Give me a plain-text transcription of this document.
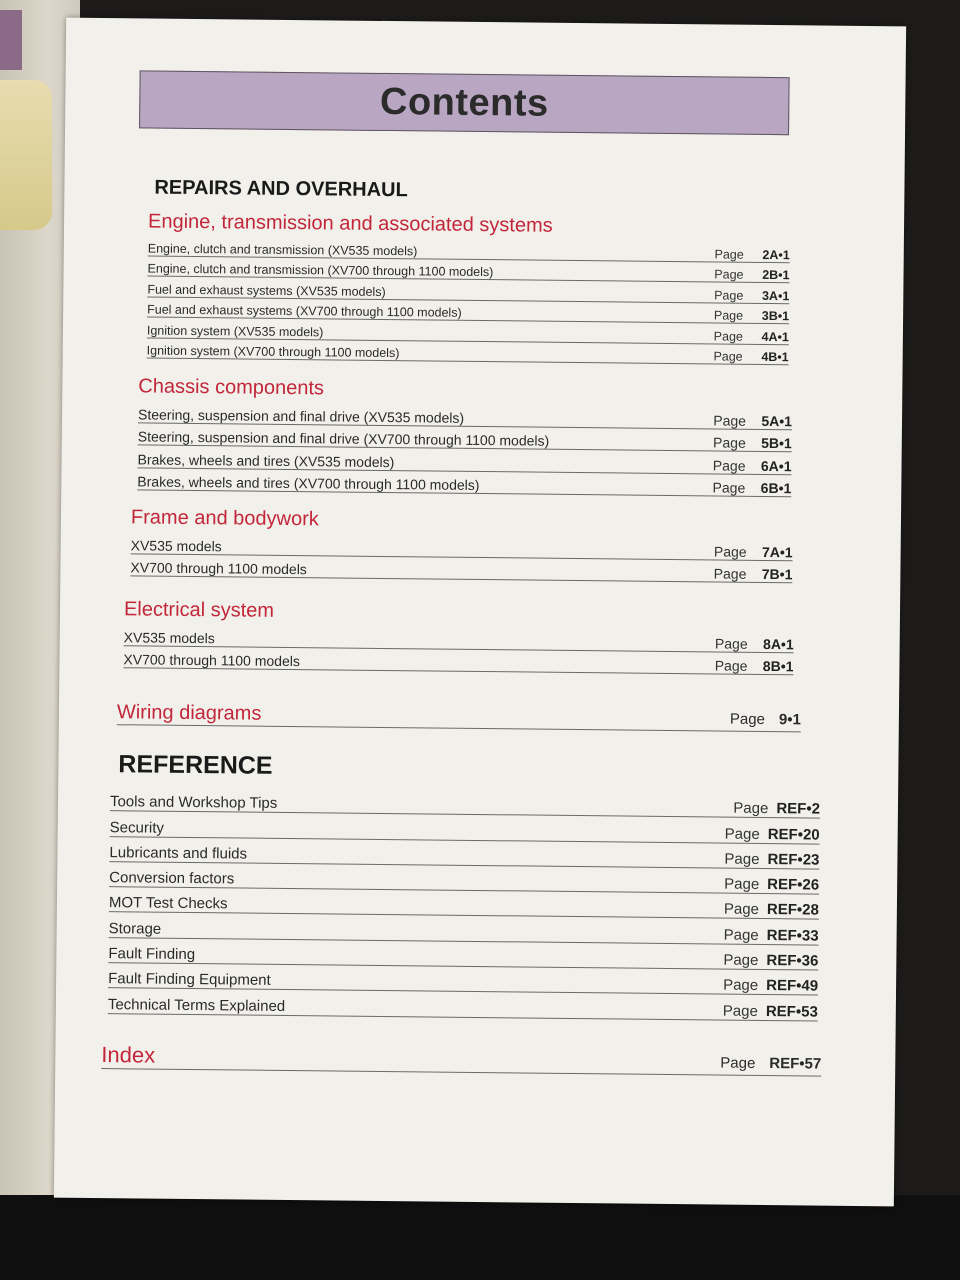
Contents
REPAIRS AND OVERHAUL
Engine, transmission and associated systems
Engine, clutch and transmission (XV535 models)	Page	2A•1
Engine, clutch and transmission (XV700 through 1100 models)	Page	2B•1
Fuel and exhaust systems (XV535 models)	Page	3A•1
Fuel and exhaust systems (XV700 through 1100 models)	Page	3B•1
Ignition system (XV535 models)	Page	4A•1
Ignition system (XV700 through 1100 models)	Page	4B•1
Chassis components
Steering, suspension and final drive (XV535 models)	Page	5A•1
Steering, suspension and final drive (XV700 through 1100 models)	Page	5B•1
Brakes, wheels and tires (XV535 models)	Page	6A•1
Brakes, wheels and tires (XV700 through 1100 models)	Page	6B•1
Frame and bodywork
XV535 models	Page	7A•1
XV700 through 1100 models	Page	7B•1
Electrical system
XV535 models	Page	8A•1
XV700 through 1100 models	Page	8B•1
Wiring diagrams	Page 9•1
REFERENCE
Tools and Workshop Tips	Page REF•2
Security	Page REF•20
Lubricants and fluids	Page REF•23
Conversion factors	Page REF•26
MOT Test Checks	Page REF•28
Storage	Page REF•33
Fault Finding	Page REF•36
Fault Finding Equipment	Page REF•49
Technical Terms Explained	Page REF•53
Index	Page REF•57
